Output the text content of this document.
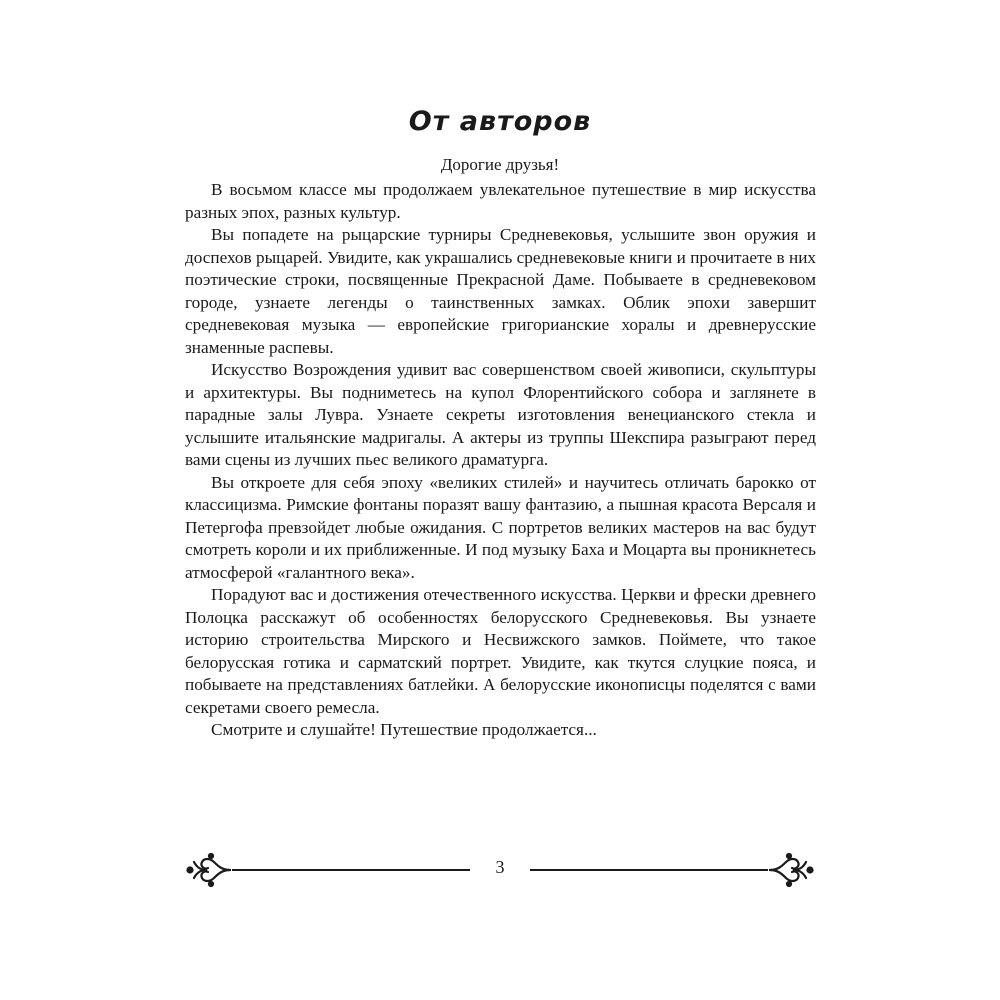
От авторов
Дорогие друзья!

В восьмом классе мы продолжаем увлекательное путешествие в мир искусства разных эпох, разных культур.

Вы попадете на рыцарские турниры Средневековья, услышите звон оружия и доспехов рыцарей. Увидите, как украшались средневековые книги и прочитаете в них поэтические строки, посвященные Прекрасной Даме. Побываете в средневековом городе, узнаете легенды о таинственных замках. Облик эпохи завершит средневековая музыка — европейские григорианские хоралы и древнерусские знаменные распевы.

Искусство Возрождения удивит вас совершенством своей живописи, скульптуры и архитектуры. Вы подниметесь на купол Флорентийского собора и заглянете в парадные залы Лувра. Узнаете секреты изготовления венецианского стекла и услышите итальянские мадригалы. А актеры из труппы Шекспира разыграют перед вами сцены из лучших пьес великого драматурга.

Вы откроете для себя эпоху «великих стилей» и научитесь отличать барокко от классицизма. Римские фонтаны поразят вашу фантазию, а пышная красота Версаля и Петергофа превзойдет любые ожидания. С портретов великих мастеров на вас будут смотреть короли и их приближенные. И под музыку Баха и Моцарта вы проникнетесь атмосферой «галантного века».

Порадуют вас и достижения отечественного искусства. Церкви и фрески древнего Полоцка расскажут об особенностях белорусского Средневековья. Вы узнаете историю строительства Мирского и Несвижского замков. Поймете, что такое белорусская готика и сарматский портрет. Увидите, как ткутся слуцкие пояса, и побываете на представлениях батлейки. А белорусские иконописцы поделятся с вами секретами своего ремесла.

Смотрите и слушайте! Путешествие продолжается...

3
